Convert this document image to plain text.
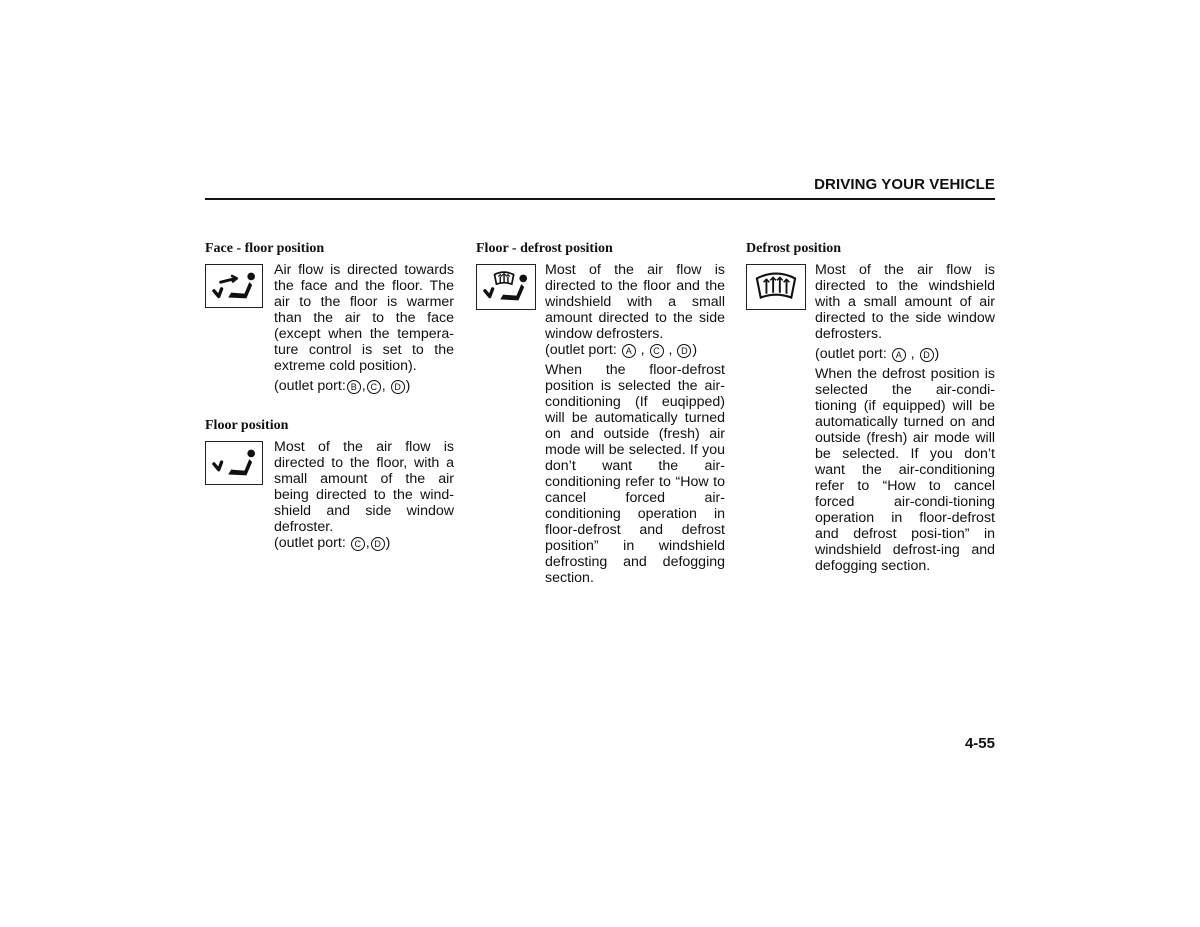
DRIVING YOUR VEHICLE
Face - floor position

Air flow is directed towards the face and the floor. The air to the floor is warmer than the air to the face (except when the tempera-ture control is set to the extreme cold position).

(outlet port: B , C , D )

Floor position

Most of the air flow is directed to the floor, with a small amount of the air being directed to the wind-shield and side window defroster.

(outlet port: C , D )

Floor - defrost position

Most of the air flow is directed to the floor and the windshield with a small amount directed to the side window defrosters.

(outlet port: A , C , D )

When the floor-defrost position is selected the air-conditioning (If euqipped) will be automatically turned on and outside (fresh) air mode will be selected. If you don’t want the air-conditioning refer to “How to cancel forced air-conditioning operation in floor-defrost and defrost position” in windshield defrosting and defogging section.

Defrost position

Most of the air flow is directed to the windshield with a small amount of air directed to the side window defrosters.

(outlet port: A , D )

When the defrost position is selected the air-condi-tioning (if equipped) will be automatically turned on and outside (fresh) air mode will be selected. If you don’t want the air-conditioning refer to “How to cancel forced air-condi-tioning operation in floor-defrost and defrost posi-tion” in windshield defrost-ing and defogging section.

4-55
